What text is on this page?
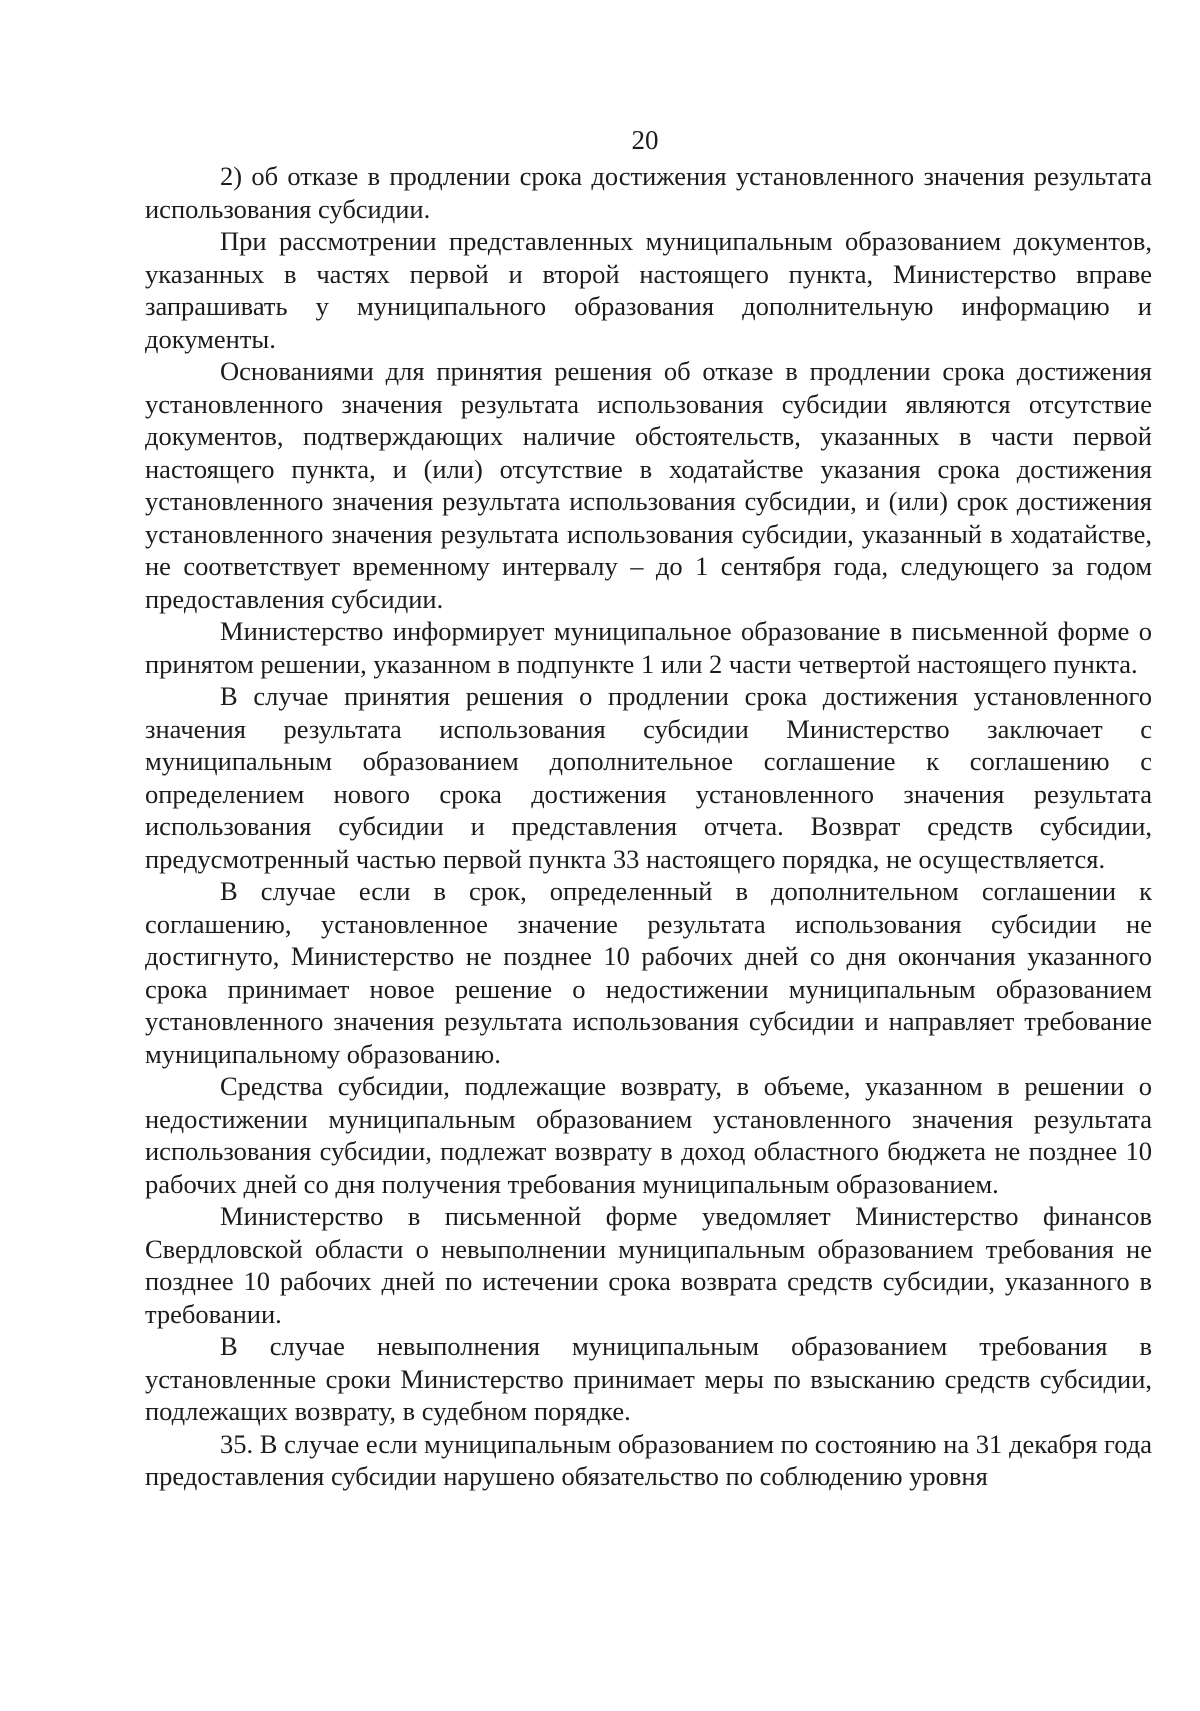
20

2) об отказе в продлении срока достижения установленного значения результата использования субсидии.

При рассмотрении представленных муниципальным образованием документов, указанных в частях первой и второй настоящего пункта, Министерство вправе запрашивать у муниципального образования дополнительную информацию и документы.

Основаниями для принятия решения об отказе в продлении срока достижения установленного значения результата использования субсидии являются отсутствие документов, подтверждающих наличие обстоятельств, указанных в части первой настоящего пункта, и (или) отсутствие в ходатайстве указания срока достижения установленного значения результата использования субсидии, и (или) срок достижения установленного значения результата использования субсидии, указанный в ходатайстве, не соответствует временному интервалу – до 1 сентября года, следующего за годом предоставления субсидии.

Министерство информирует муниципальное образование в письменной форме о принятом решении, указанном в подпункте 1 или 2 части четвертой настоящего пункта.

В случае принятия решения о продлении срока достижения установленного значения результата использования субсидии Министерство заключает с муниципальным образованием дополнительное соглашение к соглашению с определением нового срока достижения установленного значения результата использования субсидии и представления отчета. Возврат средств субсидии, предусмотренный частью первой пункта 33 настоящего порядка, не осуществляется.

В случае если в срок, определенный в дополнительном соглашении к соглашению, установленное значение результата использования субсидии не достигнуто, Министерство не позднее 10 рабочих дней со дня окончания указанного срока принимает новое решение о недостижении муниципальным образованием установленного значения результата использования субсидии и направляет требование муниципальному образованию.

Средства субсидии, подлежащие возврату, в объеме, указанном в решении о недостижении муниципальным образованием установленного значения результата использования субсидии, подлежат возврату в доход областного бюджета не позднее 10 рабочих дней со дня получения требования муниципальным образованием.

Министерство в письменной форме уведомляет Министерство финансов Свердловской области о невыполнении муниципальным образованием требования не позднее 10 рабочих дней по истечении срока возврата средств субсидии, указанного в требовании.

В случае невыполнения муниципальным образованием требования в установленные сроки Министерство принимает меры по взысканию средств субсидии, подлежащих возврату, в судебном порядке.

35. В случае если муниципальным образованием по состоянию на 31 декабря года предоставления субсидии нарушено обязательство по соблюдению уровня
